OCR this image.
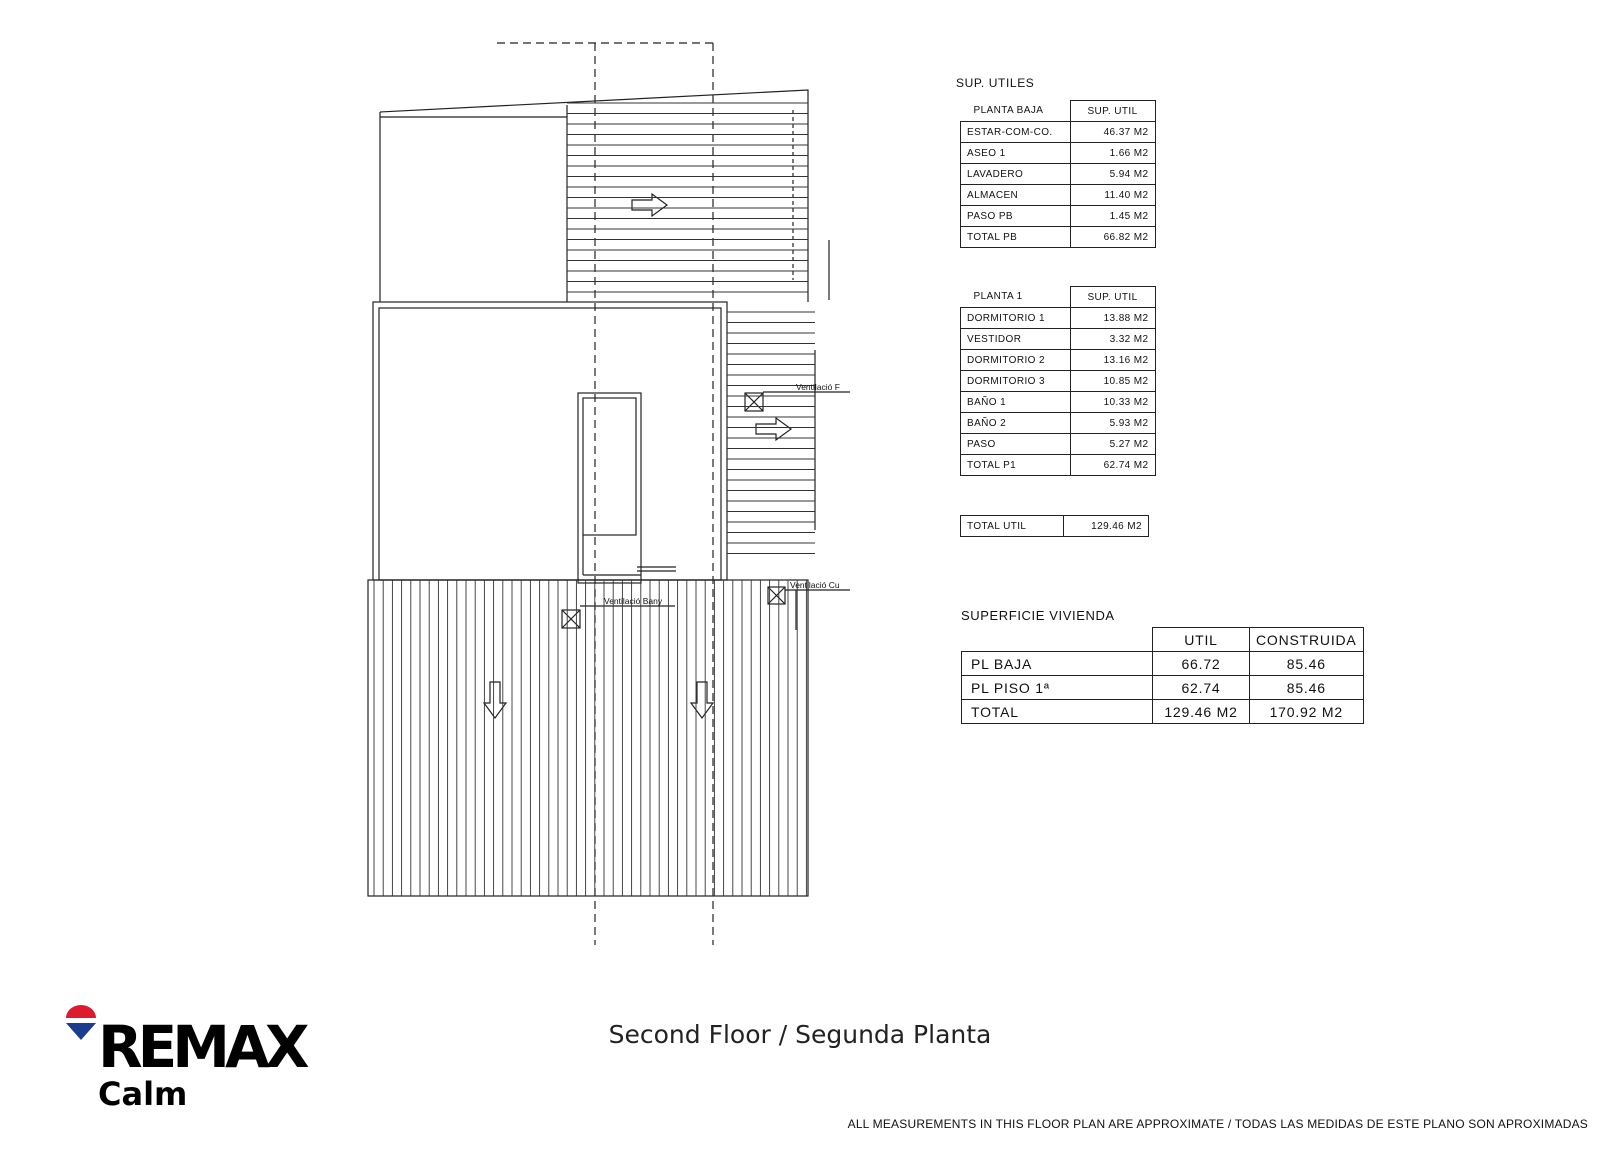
Ventilació F
Ventilació Cu
Ventilació Bany
SUP. UTILES
PLANTA BAJA	SUP. UTIL
ESTAR-COM-CO.	46.37 M2
ASEO 1	1.66 M2
LAVADERO	5.94 M2
ALMACEN	11.40 M2
PASO PB	1.45 M2
TOTAL PB	66.82 M2
PLANTA 1	SUP. UTIL
DORMITORIO 1	13.88 M2
VESTIDOR	3.32 M2
DORMITORIO 2	13.16 M2
DORMITORIO 3	10.85 M2
BAÑO 1	10.33 M2
BAÑO 2	5.93 M2
PASO	5.27 M2
TOTAL P1	62.74 M2
TOTAL UTIL	129.46 M2
SUPERFICIE VIVIENDA
	UTIL	CONSTRUIDA
PL BAJA	66.72	85.46
PL PISO 1ª	62.74	85.46
TOTAL	129.46 M2	170.92 M2
REMAX
Calm
Second Floor / Segunda Planta
ALL MEASUREMENTS IN THIS FLOOR PLAN ARE APPROXIMATE / TODAS LAS MEDIDAS DE ESTE PLANO SON APROXIMADAS
